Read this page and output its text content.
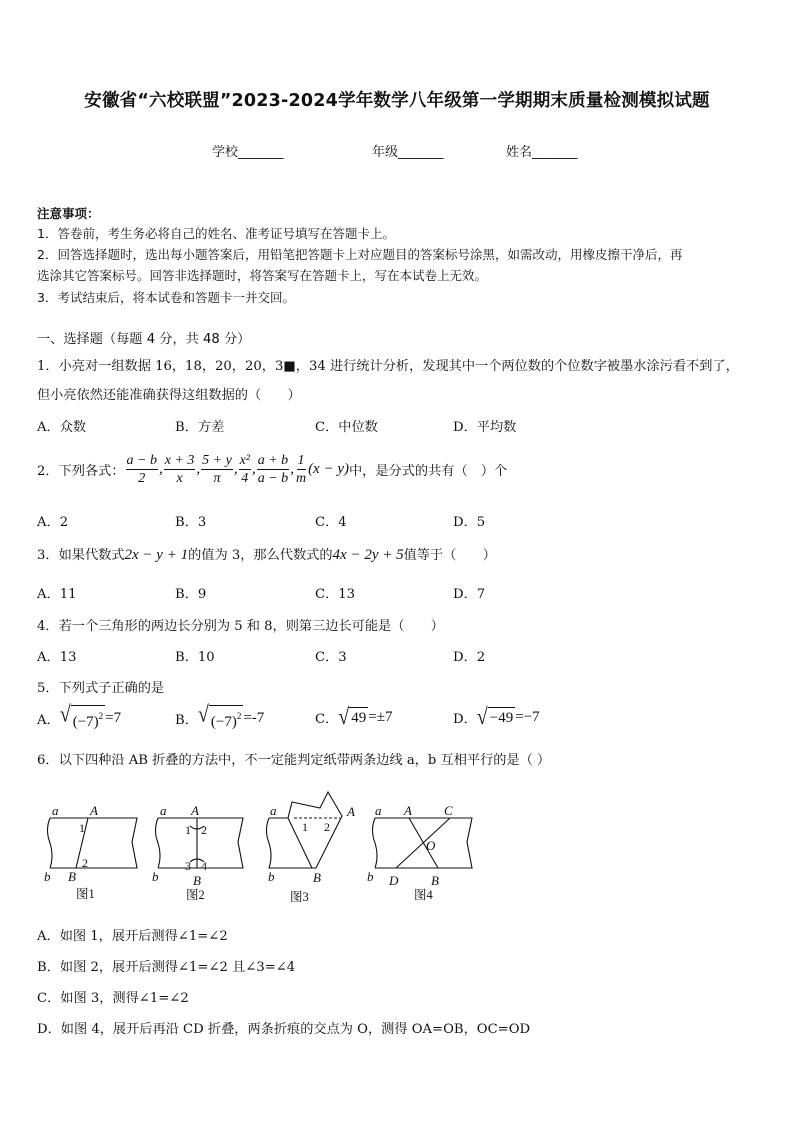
安徽省“六校联盟”2023-2024学年数学八年级第一学期期末质量检测模拟试题
学校_______	年级_______	姓名_______
注意事项：
1．答卷前，考生务必将自己的姓名、准考证号填写在答题卡上。
2．回答选择题时，选出每小题答案后，用铅笔把答题卡上对应题目的答案标号涂黑，如需改动，用橡皮擦干净后，再
选涂其它答案标号。回答非选择题时，将答案写在答题卡上，写在本试卷上无效。
3．考试结束后，将本试卷和答题卡一并交回。
一、选择题（每题 4 分，共 48 分）
1．小亮对一组数据 16，18，20，20，3■，34 进行统计分析，发现其中一个两位数的个位数字被墨水涂污看不到了，
但小亮依然还能准确获得这组数据的（　　）
A．众数	B．方差	C．中位数	D．平均数
2．下列各式： $\frac{a - b}{2}$ , $\frac{x + 3}{x}$ , $\frac{5 + y}{\pi}$ , $\frac{\text{x²}}{4}$ , $\frac{a + b}{a - b}$ , $\frac{1}{m} (x - y)$ 中，是分式的共有（　）个
A．2	B．3	C．4	D．5
3．如果代数式 2x − y + 1 的值为 3，那么代数式的 4x − 2y + 5 值等于（　　）
A．11	B．9	C．13	D．7
4．若一个三角形的两边长分别为 5 和 8，则第三边长可能是（　　）
A．13	B．10	C．3	D．2
5．下列式子正确的是
A． √ $(-7)^2 =7$	B． √ $(-7)^2 =-7$	C． √ 49 =±7	D． √ −49 =−7
6．以下四种沿 AB 折叠的方法中，不一定能判定纸带两条边线 a，b 互相平行的是（ ）
a A
b B
a A
b	B
a	A
b	B
a A C
O
b D	B
1
2
1 2
3 4
1 2
图1	图2	图3	图4
A．如图 1，展开后测得∠1=∠2
B．如图 2，展开后测得∠1=∠2 且∠3=∠4
C．如图 3，测得∠1=∠2
D．如图 4，展开后再沿 CD 折叠，两条折痕的交点为 O，测得 OA=OB，OC=OD
